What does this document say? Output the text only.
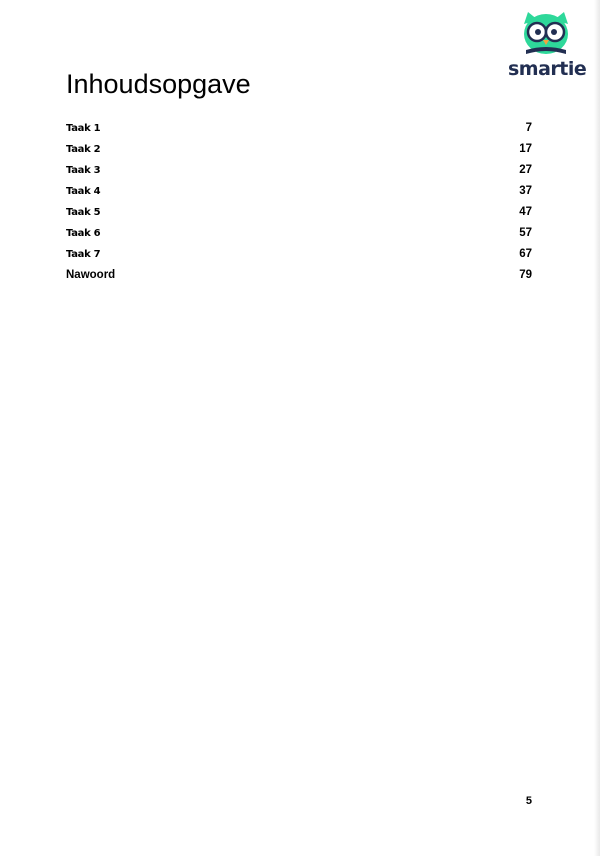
smartie
Inhoudsopgave
Taak 1	7
Taak 2	17
Taak 3	27
Taak 4	37
Taak 5	47
Taak 6	57
Taak 7	67
Nawoord	79
5
